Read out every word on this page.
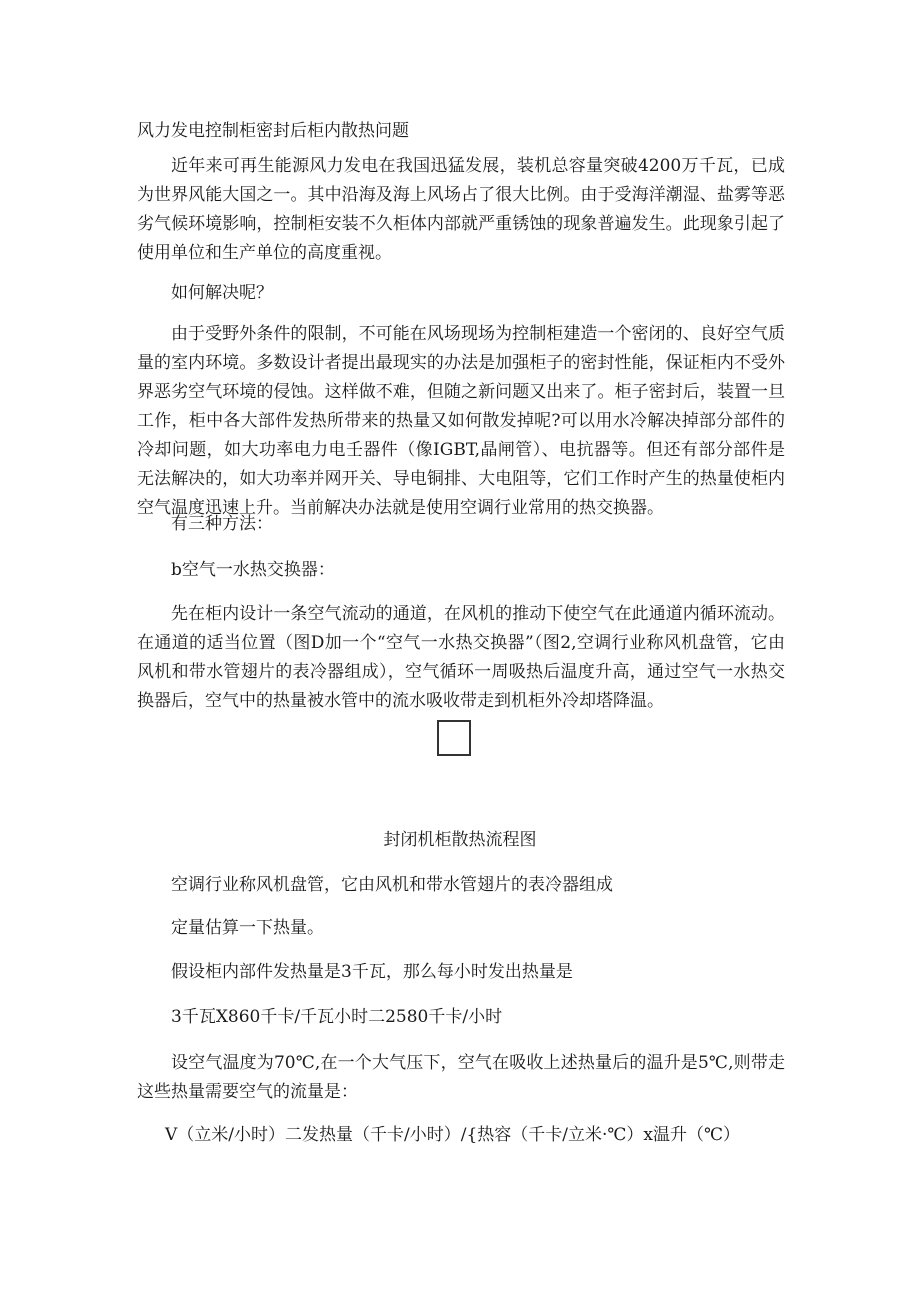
风力发电控制柜密封后柜内散热问题

近年来可再生能源风力发电在我国迅猛发展，装机总容量突破4200万千瓦，已成为世界风能大国之一。其中沿海及海上风场占了很大比例。由于受海洋潮湿、盐雾等恶劣气候环境影响，控制柜安装不久柜体内部就严重锈蚀的现象普遍发生。此现象引起了使用单位和生产单位的高度重视。

如何解决呢？

由于受野外条件的限制，不可能在风场现场为控制柜建造一个密闭的、良好空气质量的室内环境。多数设计者提出最现实的办法是加强柜子的密封性能，保证柜内不受外界恶劣空气环境的侵蚀。这样做不难，但随之新问题又出来了。柜子密封后，装置一旦工作，柜中各大部件发热所带来的热量又如何散发掉呢?可以用水冷解决掉部分部件的冷却问题，如大功率电力电壬器件（像IGBT,晶闸管）、电抗器等。但还有部分部件是无法解决的，如大功率并网开关、导电铜排、大电阻等，它们工作时产生的热量使柜内空气温度迅速上升。当前解决办法就是使用空调行业常用的热交换器。

有三种方法：

b空气一水热交换器：

先在柜内设计一条空气流动的通道，在风机的推动下使空气在此通道内循环流动。在通道的适当位置（图D加一个“空气一水热交换器”（图2,空调行业称风机盘管，它由风机和带水管翅片的表冷器组成），空气循环一周吸热后温度升高，通过空气一水热交换器后，空气中的热量被水管中的流水吸收带走到机柜外冷却塔降温。

封闭机柜散热流程图
空调行业称风机盘管，它由风机和带水管翅片的表冷器组成
定量估算一下热量。
假设柜内部件发热量是3千瓦，那么每小时发出热量是
3千瓦X860千卡/千瓦小时二2580千卡/小时

设空气温度为70℃,在一个大气压下，空气在吸收上述热量后的温升是5℃,则带走这些热量需要空气的流量是：

V（立米/小时）二发热量（千卡/小时）/{热容（千卡/立米·℃）x温升（℃）
